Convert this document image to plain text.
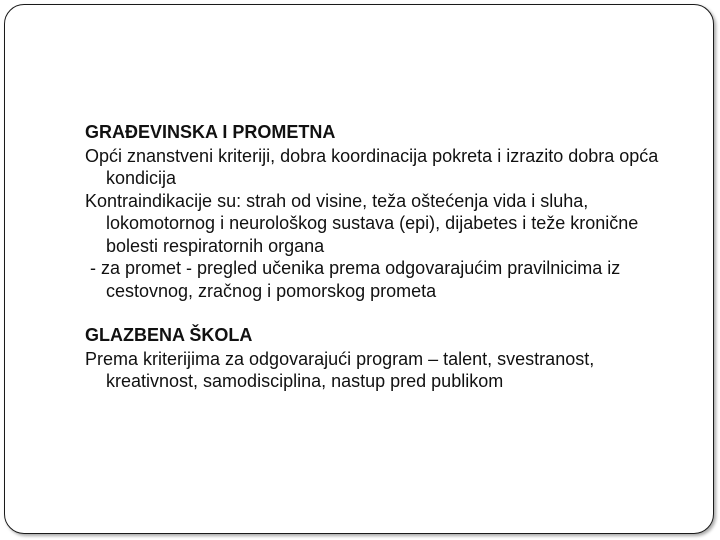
GRAĐEVINSKA I PROMETNA

Opći znanstveni kriteriji, dobra koordinacija pokreta i izrazito dobra opća kondicija

Kontraindikacije su: strah od visine, teža oštećenja vida i sluha, lokomotornog i neurološkog sustava (epi), dijabetes i teže kronične bolesti respiratornih organa

- za promet - pregled učenika prema odgovarajućim pravilnicima iz cestovnog, zračnog i pomorskog prometa

GLAZBENA ŠKOLA

Prema kriterijima za odgovarajući program – talent, svestranost, kreativnost, samodisciplina, nastup pred publikom
